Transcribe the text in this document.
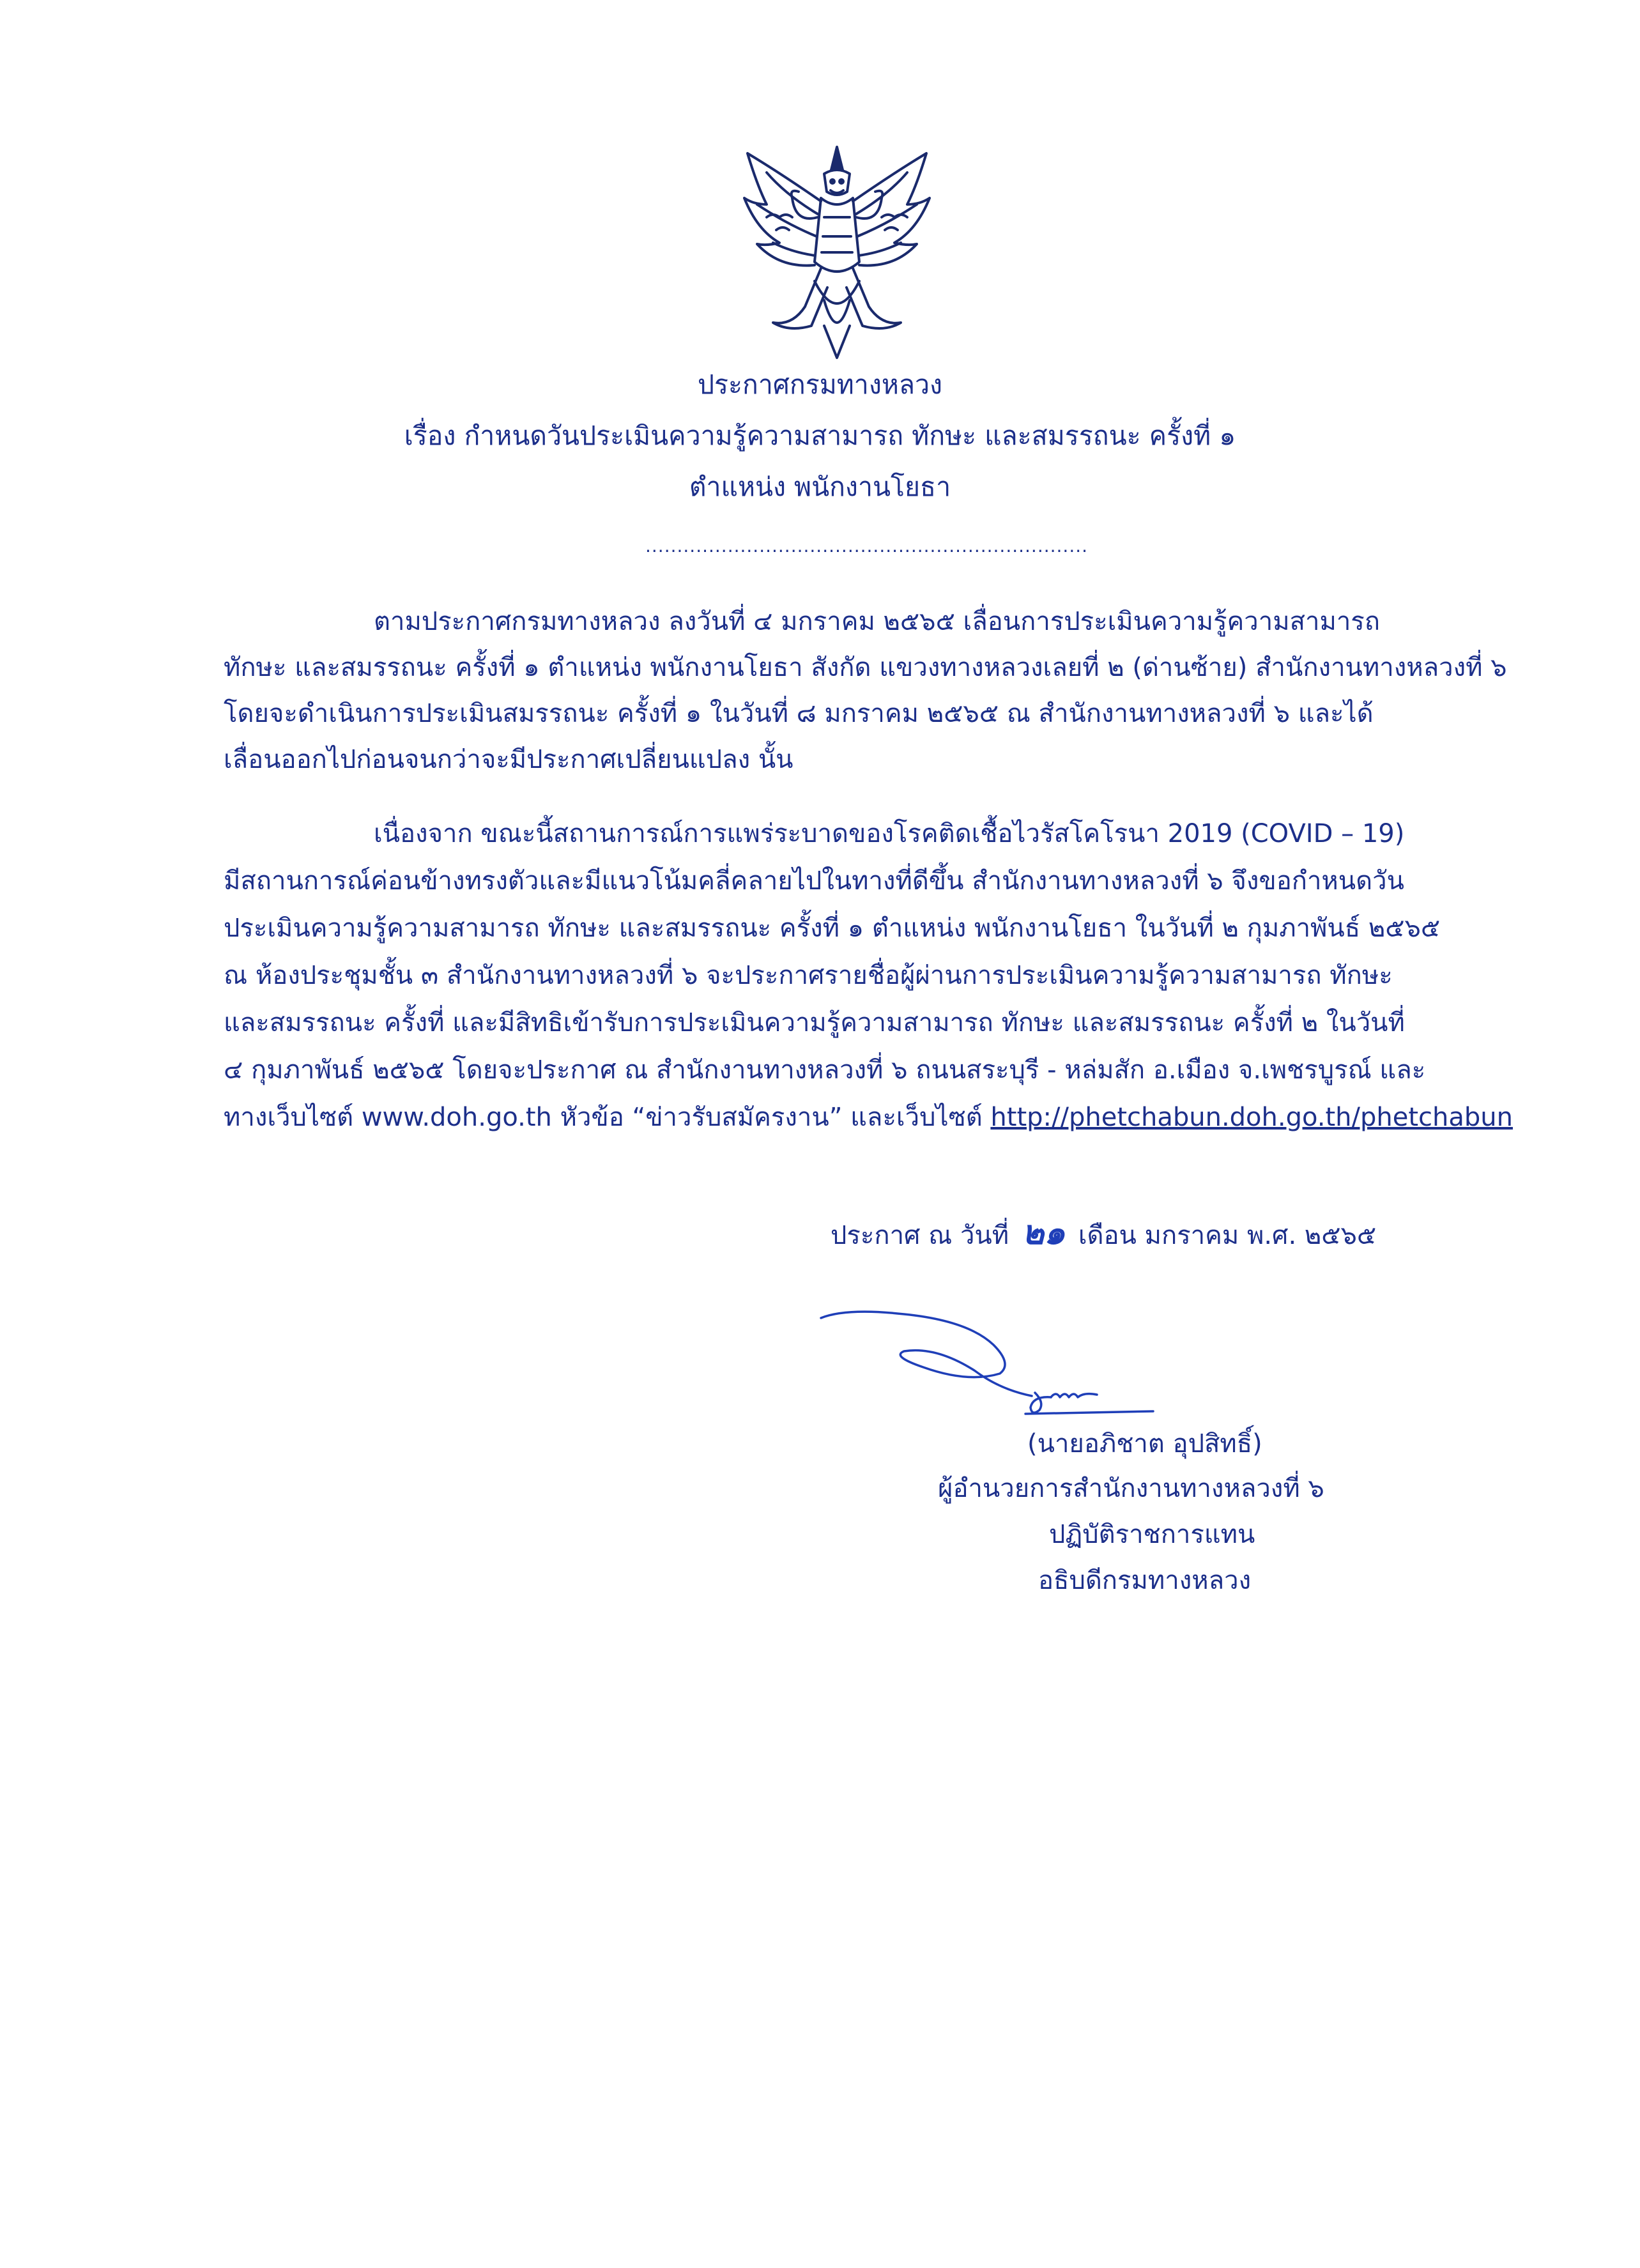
ประกาศกรมทางหลวง
เรื่อง กำหนดวันประเมินความรู้ความสามารถ ทักษะ และสมรรถนะ ครั้งที่ ๑
ตำแหน่ง พนักงานโยธา
......................................................................
ตามประกาศกรมทางหลวง ลงวันที่ ๔ มกราคม ๒๕๖๕ เลื่อนการประเมินความรู้ความสามารถ
ทักษะ และสมรรถนะ ครั้งที่ ๑ ตำแหน่ง พนักงานโยธา สังกัด แขวงทางหลวงเลยที่ ๒ (ด่านซ้าย) สำนักงานทางหลวงที่ ๖
โดยจะดำเนินการประเมินสมรรถนะ ครั้งที่ ๑ ในวันที่ ๘ มกราคม ๒๕๖๕ ณ สำนักงานทางหลวงที่ ๖ และได้
เลื่อนออกไปก่อนจนกว่าจะมีประกาศเปลี่ยนแปลง นั้น
เนื่องจาก ขณะนี้สถานการณ์การแพร่ระบาดของโรคติดเชื้อไวรัสโคโรนา 2019 (COVID – 19)
มีสถานการณ์ค่อนข้างทรงตัวและมีแนวโน้มคลี่คลายไปในทางที่ดีขึ้น สำนักงานทางหลวงที่ ๖ จึงขอกำหนดวัน
ประเมินความรู้ความสามารถ ทักษะ และสมรรถนะ ครั้งที่ ๑ ตำแหน่ง พนักงานโยธา ในวันที่ ๒ กุมภาพันธ์ ๒๕๖๕
ณ ห้องประชุมชั้น ๓ สำนักงานทางหลวงที่ ๖ จะประกาศรายชื่อผู้ผ่านการประเมินความรู้ความสามารถ ทักษะ
และสมรรถนะ ครั้งที่ และมีสิทธิเข้ารับการประเมินความรู้ความสามารถ ทักษะ และสมรรถนะ ครั้งที่ ๒ ในวันที่
๔ กุมภาพันธ์ ๒๕๖๕ โดยจะประกาศ ณ สำนักงานทางหลวงที่ ๖ ถนนสระบุรี - หล่มสัก อ.เมือง จ.เพชรบูรณ์ และ
ทางเว็บไซต์ www.doh.go.th หัวข้อ “ข่าวรับสมัครงาน” และเว็บไซต์ http://phetchabun.doh.go.th/phetchabun
ประกาศ ณ วันที่ ๒๑ เดือน มกราคม พ.ศ. ๒๕๖๕
(นายอภิชาต อุปสิทธิ์)
ผู้อำนวยการสำนักงานทางหลวงที่ ๖
ปฏิบัติราชการแทน
อธิบดีกรมทางหลวง
